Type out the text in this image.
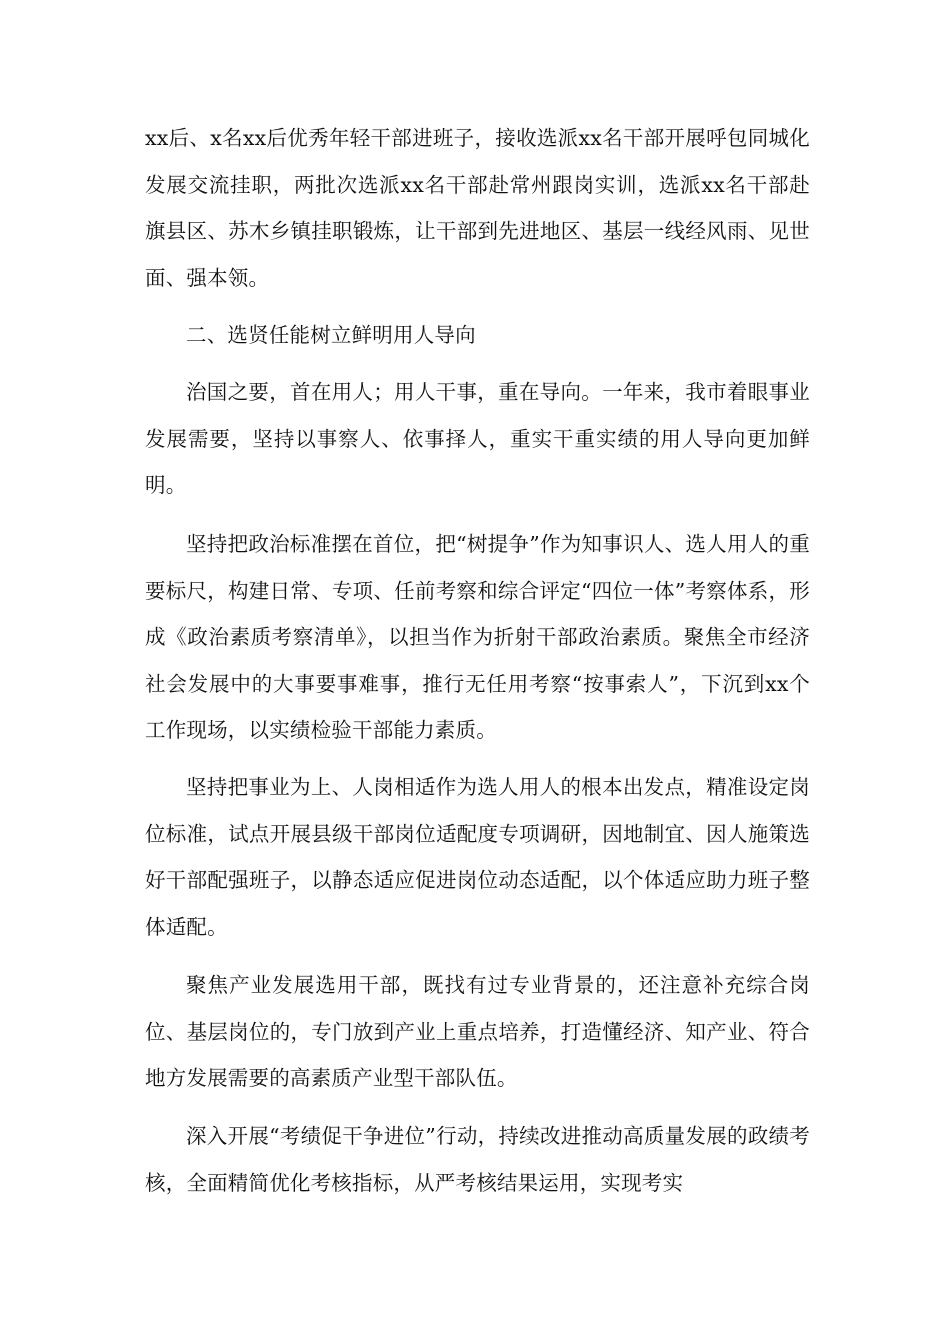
xx后、x名xx后优秀年轻干部进班子，接收选派xx名干部开展呼包同城化发展交流挂职，两批次选派xx名干部赴常州跟岗实训，选派xx名干部赴旗县区、苏木乡镇挂职锻炼，让干部到先进地区、基层一线经风雨、见世面、强本领。

二、选贤任能树立鲜明用人导向

治国之要，首在用人；用人干事，重在导向。一年来，我市着眼事业发展需要，坚持以事察人、依事择人，重实干重实绩的用人导向更加鲜明。

坚持把政治标准摆在首位，把“树提争”作为知事识人、选人用人的重要标尺，构建日常、专项、任前考察和综合评定“四位一体”考察体系，形成《政治素质考察清单》，以担当作为折射干部政治素质。聚焦全市经济社会发展中的大事要事难事，推行无任用考察“按事索人”，下沉到xx个工作现场，以实绩检验干部能力素质。

坚持把事业为上、人岗相适作为选人用人的根本出发点，精准设定岗位标准，试点开展县级干部岗位适配度专项调研，因地制宜、因人施策选好干部配强班子，以静态适应促进岗位动态适配，以个体适应助力班子整体适配。

聚焦产业发展选用干部，既找有过专业背景的，还注意补充综合岗位、基层岗位的，专门放到产业上重点培养，打造懂经济、知产业、符合地方发展需要的高素质产业型干部队伍。

深入开展“考绩促干争进位”行动，持续改进推动高质量发展的政绩考核，全面精简优化考核指标，从严考核结果运用，实现考实
